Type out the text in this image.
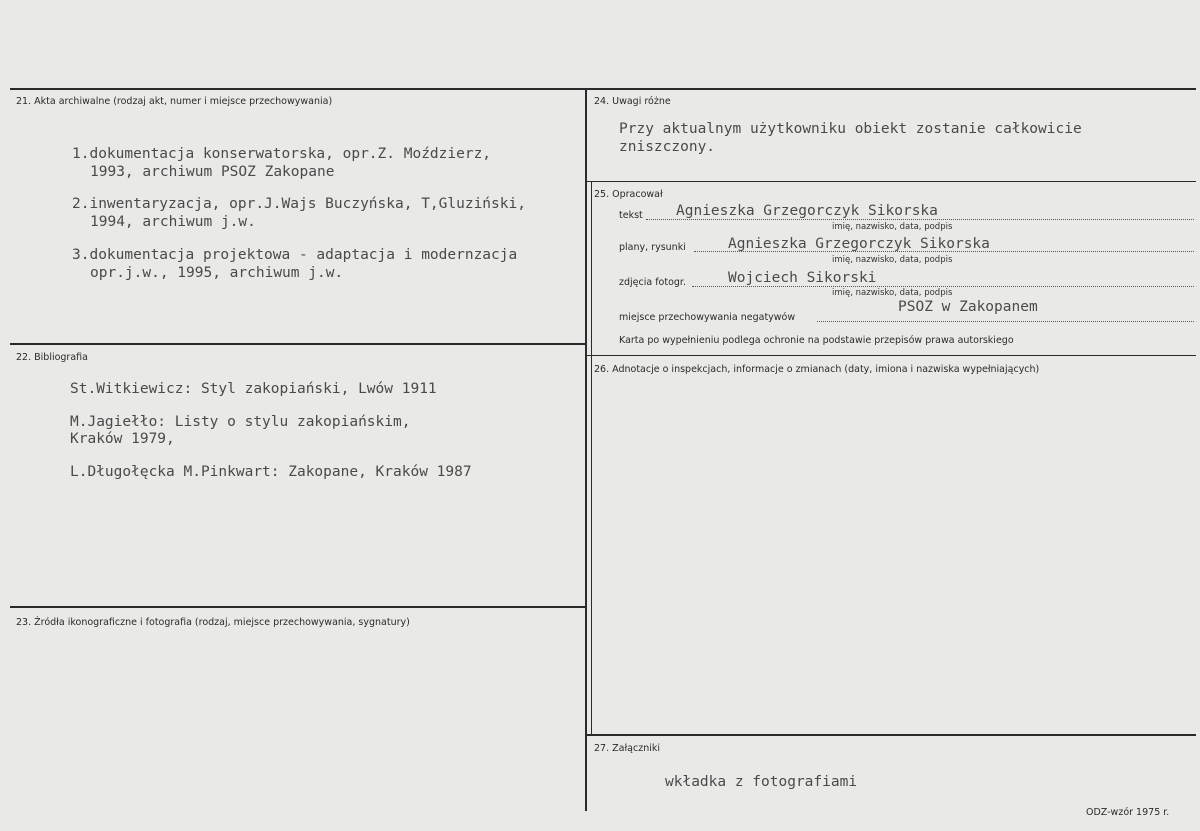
21. Akta archiwalne (rodzaj akt, numer i miejsce przechowywania)
1.dokumentacja konserwatorska, opr.Z. Moździerz,
1993, archiwum PSOZ Zakopane
2.inwentaryzacja, opr.J.Wajs Buczyńska, T,Gluziński,
1994, archiwum j.w.
3.dokumentacja projektowa - adaptacja i modernzacja
opr.j.w., 1995, archiwum j.w.
22. Bibliografia
St.Witkiewicz: Styl zakopiański, Lwów 1911
M.Jagiełło: Listy o stylu zakopiańskim,
Kraków 1979,
L.Długołęcka M.Pinkwart: Zakopane, Kraków 1987
23. Źródła ikonograficzne i fotografia (rodzaj, miejsce przechowywania, sygnatury)
24. Uwagi różne
Przy aktualnym użytkowniku obiekt zostanie całkowicie
zniszczony.
25. Opracował
tekst Agnieszka Grzegorczyk Sikorska
imię, nazwisko, data, podpis
plany, rysunki	Agnieszka Grzegorczyk Sikorska
imię, nazwisko, data, podpis
zdjęcia fotogr.	Wojciech Sikorski
imię, nazwisko, data, podpis
miejsce przechowywania negatywów
PSOZ w Zakopanem
Karta po wypełnieniu podlega ochronie na podstawie przepisów prawa autorskiego
26. Adnotacje o inspekcjach, informacje o zmianach (daty, imiona i nazwiska wypełniających)
27. Załączniki
wkładka z fotografiami
ODZ-wzór 1975 r.
